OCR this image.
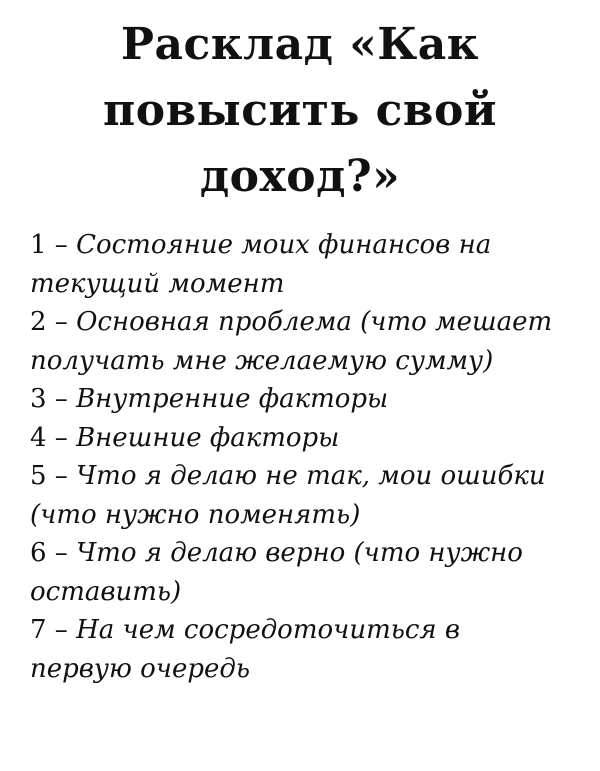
Расклад «Как
повысить свой
доход?»
1 – Состояние моих финансов на текущий момент
2 – Основная проблема (что мешает получать мне желаемую сумму)
3 – Внутренние факторы
4 – Внешние факторы
5 – Что я делаю не так, мои ошибки (что нужно поменять)
6 – Что я делаю верно (что нужно оставить)
7 – На чем сосредоточиться в первую очередь
